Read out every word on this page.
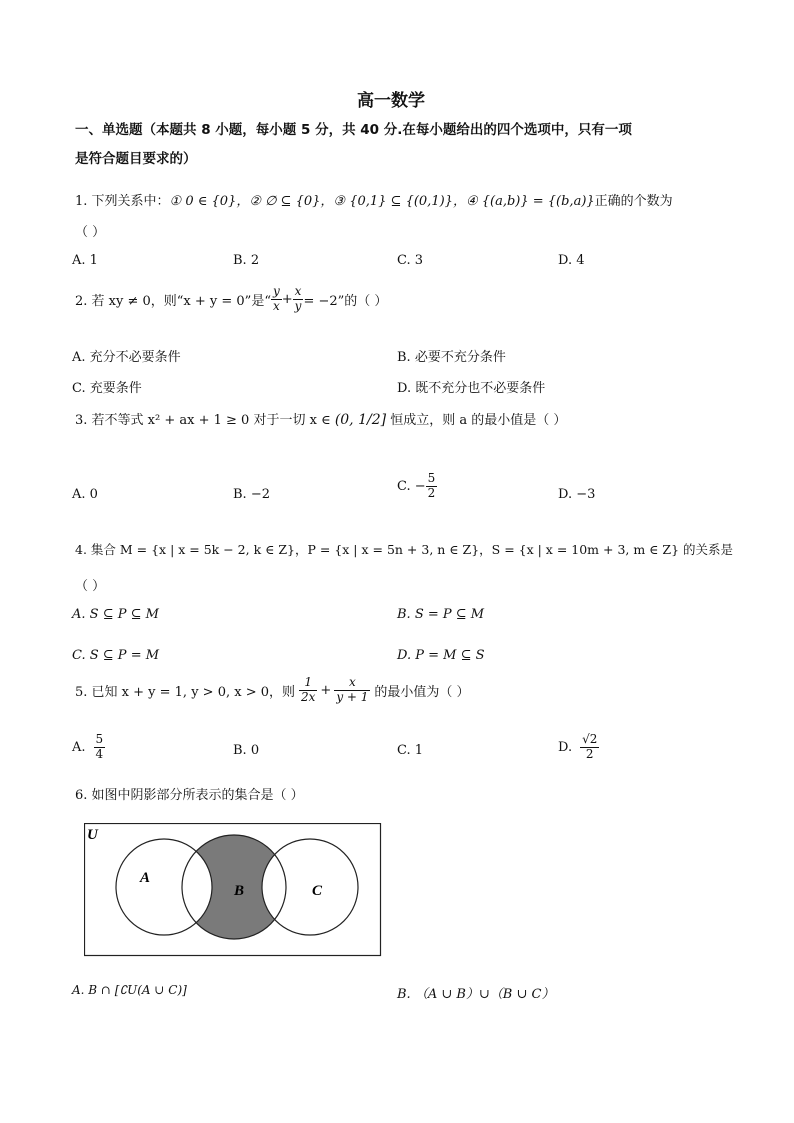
高一数学
一、单选题（本题共 8 小题，每小题 5 分，共 40 分.在每小题给出的四个选项中，只有一项
是符合题目要求的）
1. 下列关系中：① 0 ∈ {0}，② ∅ ⊆ {0}，③ {0,1} ⊆ {(0,1)}，④ {(a,b)} = {(b,a)}正确的个数为
（ ）
A. 1	B. 2	C. 3	D. 4
2. 若 xy ≠ 0，则“x + y = 0”是“ $\frac{y}{x} + \frac{x}{y} = -2$”的（ ）
A. 充分不必要条件	B. 必要不充分条件
C. 充要条件	D. 既不充分也不必要条件
3. 若不等式 x² + ax + 1 ≥ 0 对于一切 x ∈ (0, 1/2] 恒成立，则 a 的最小值是（ ）
A. 0	B. −2
C. − $\frac{5}{2}$	D. −3
4. 集合 M = {x | x = 5k − 2, k ∈ Z}，P = {x | x = 5n + 3, n ∈ Z}，S = {x | x = 10m + 3, m ∈ Z} 的关系是
（ ）
A. S ⊆ P ⊆ M	B. S = P ⊆ M
C. S ⊆ P = M	D. P = M ⊆ S
5. 已知 x + y = 1, y > 0, x > 0，则 $\frac{1}{2x} + \frac{x}{y + 1}$ 的最小值为（ ）
A. $\frac{5}{4}$	B. 0	C. 1	D. $\frac{√2}{2}$
6. 如图中阴影部分所表示的集合是（ ）
U
A
B	C
A. B ∩ [∁U(A ∪ C)]	B. （A ∪ B）∪（B ∪ C）
